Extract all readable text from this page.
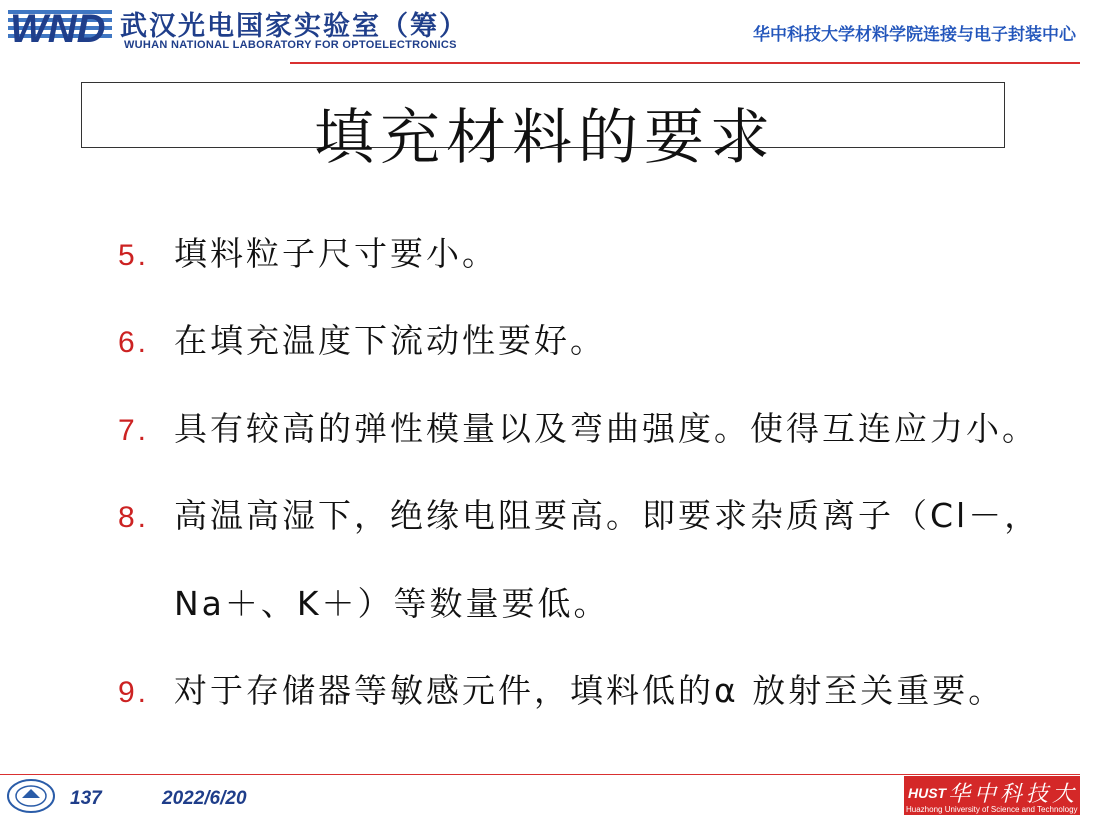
WND 武汉光电国家实验室（筹）
WUHAN NATIONAL LABORATORY FOR OPTOELECTRONICS	华中科技大学材料学院连接与电子封装中心
填充材料的要求
5. 填料粒子尺寸要小。
6. 在填充温度下流动性要好。
7. 具有较高的弹性模量以及弯曲强度。使得互连应力小。
8. 高温高湿下，绝缘电阻要高。即要求杂质离子（Cl－，
Na＋、K＋）等数量要低。
9. 对于存储器等敏感元件，填料低的α 放射至关重要。
137	2022/6/20	HUST 华中科技大学
Huazhong University of Science and Technology
